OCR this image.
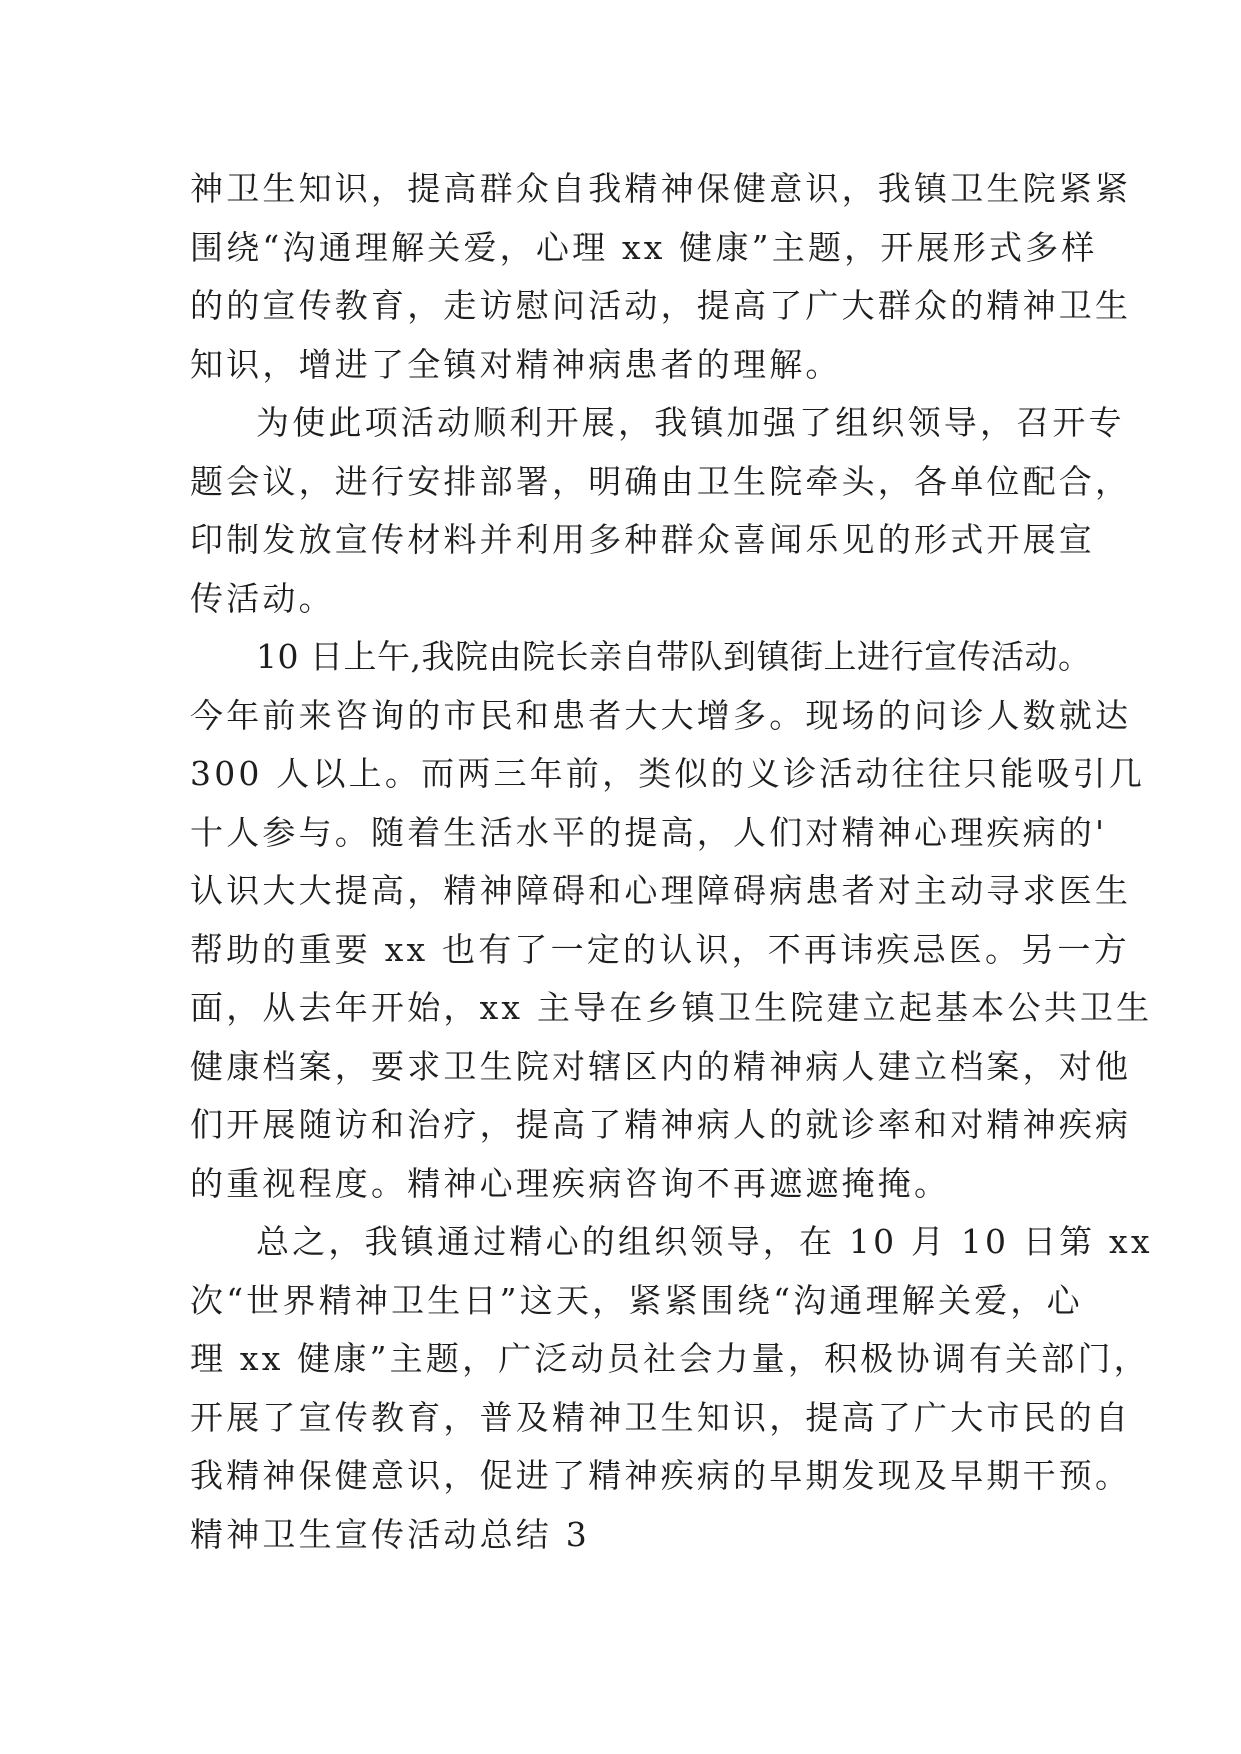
神卫生知识，提高群众自我精神保健意识，我镇卫生院紧紧
围绕“沟通理解关爱，心理 xx 健康”主题，开展形式多样
的的宣传教育，走访慰问活动，提高了广大群众的精神卫生
知识，增进了全镇对精神病患者的理解。
为使此项活动顺利开展，我镇加强了组织领导，召开专
题会议，进行安排部署，明确由卫生院牵头，各单位配合，
印制发放宣传材料并利用多种群众喜闻乐见的形式开展宣
传活动。
10 日上午,我院由院长亲自带队到镇街上进行宣传活动。
今年前来咨询的市民和患者大大增多。现场的问诊人数就达
300 人以上。而两三年前，类似的义诊活动往往只能吸引几
十人参与。随着生活水平的提高，人们对精神心理疾病的'
认识大大提高，精神障碍和心理障碍病患者对主动寻求医生
帮助的重要 xx 也有了一定的认识，不再讳疾忌医。另一方
面，从去年开始，xx 主导在乡镇卫生院建立起基本公共卫生
健康档案，要求卫生院对辖区内的精神病人建立档案，对他
们开展随访和治疗，提高了精神病人的就诊率和对精神疾病
的重视程度。精神心理疾病咨询不再遮遮掩掩。
总之，我镇通过精心的组织领导，在 10 月 10 日第 xx
次“世界精神卫生日”这天，紧紧围绕“沟通理解关爱，心
理 xx 健康”主题，广泛动员社会力量，积极协调有关部门，
开展了宣传教育，普及精神卫生知识，提高了广大市民的自
我精神保健意识，促进了精神疾病的早期发现及早期干预。
精神卫生宣传活动总结 3
